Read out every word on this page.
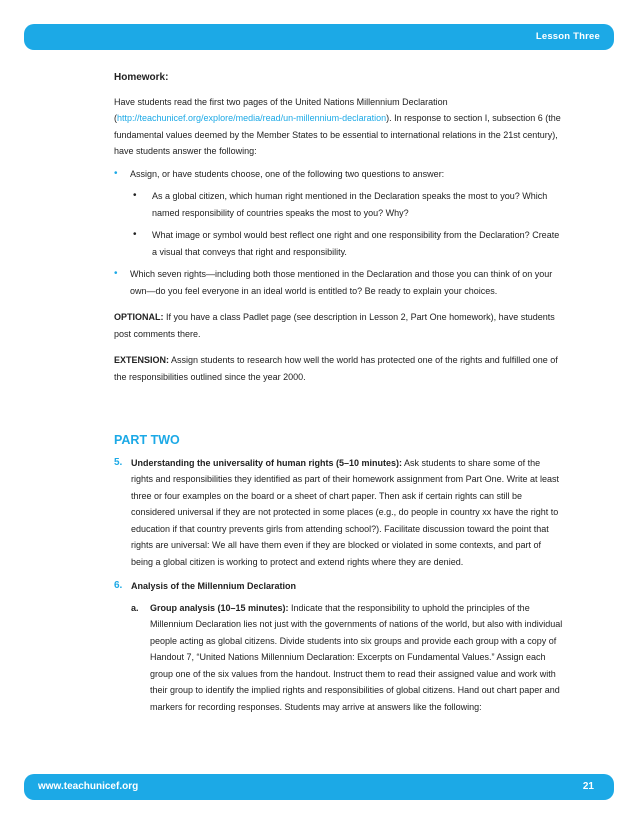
Lesson Three
Homework:

Have students read the first two pages of the United Nations Millennium Declaration (http://teachunicef.org/explore/media/read/un-millennium-declaration). In response to section I, subsection 6 (the fundamental values deemed by the Member States to be essential to international relations in the 21st century), have students answer the following:

• Assign, or have students choose, one of the following two questions to answer:
• As a global citizen, which human right mentioned in the Declaration speaks the most to you? Which named responsibility of countries speaks the most to you? Why?
• What image or symbol would best reflect one right and one responsibility from the Declaration? Create a visual that conveys that right and responsibility.
• Which seven rights—including both those mentioned in the Declaration and those you can think of on your own—do you feel everyone in an ideal world is entitled to? Be ready to explain your choices.

OPTIONAL: If you have a class Padlet page (see description in Lesson 2, Part One homework), have students post comments there.

EXTENSION: Assign students to research how well the world has protected one of the rights and fulfilled one of the responsibilities outlined since the year 2000.

PART TWO
5. Understanding the universality of human rights (5–10 minutes): Ask students to share some of the rights and responsibilities they identified as part of their homework assignment from Part One. Write at least three or four examples on the board or a sheet of chart paper. Then ask if certain rights can still be considered universal if they are not protected in some places (e.g., do people in country xx have the right to education if that country prevents girls from attending school?). Facilitate discussion toward the point that rights are universal: We all have them even if they are blocked or violated in some contexts, and part of being a global citizen is working to protect and extend rights where they are denied.
6. Analysis of the Millennium Declaration
a. Group analysis (10–15 minutes): Indicate that the responsibility to uphold the principles of the Millennium Declaration lies not just with the governments of nations of the world, but also with individual people acting as global citizens. Divide students into six groups and provide each group with a copy of Handout 7, “United Nations Millennium Declaration: Excerpts on Fundamental Values.” Assign each group one of the six values from the handout. Instruct them to read their assigned value and work with their group to identify the implied rights and responsibilities of global citizens. Hand out chart paper and markers for recording responses. Students may arrive at answers like the following:
www.teachunicef.org	21
